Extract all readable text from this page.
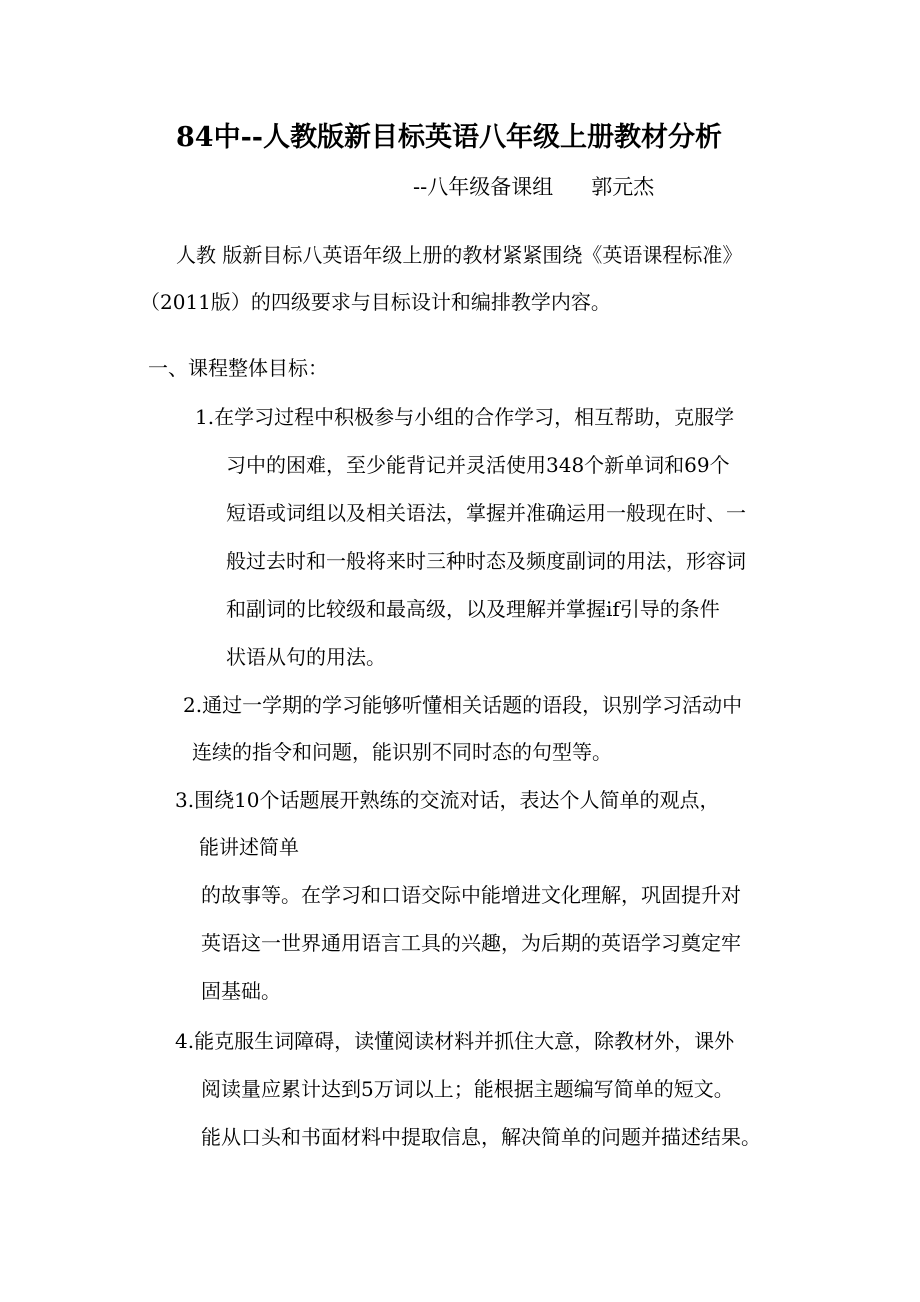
84中--人教版新目标英语八年级上册教材分析
--八年级备课组 郭元杰
人教 版新目标八英语年级上册的教材紧紧围绕《英语课程标准》
（2011版）的四级要求与目标设计和编排教学内容。
一、课程整体目标：
1.在学习过程中积极参与小组的合作学习，相互帮助，克服学
习中的困难，至少能背记并灵活使用348个新单词和69个
短语或词组以及相关语法，掌握并准确运用一般现在时、一
般过去时和一般将来时三种时态及频度副词的用法，形容词
和副词的比较级和最高级，以及理解并掌握if引导的条件
状语从句的用法。
2.通过一学期的学习能够听懂相关话题的语段，识别学习活动中
连续的指令和问题，能识别不同时态的句型等。
3.围绕10个话题展开熟练的交流对话，表达个人简单的观点，
能讲述简单
的故事等。在学习和口语交际中能增进文化理解，巩固提升对
英语这一世界通用语言工具的兴趣，为后期的英语学习奠定牢
固基础。
4.能克服生词障碍，读懂阅读材料并抓住大意，除教材外，课外
阅读量应累计达到5万词以上；能根据主题编写简单的短文。
能从口头和书面材料中提取信息，解决简单的问题并描述结果。
